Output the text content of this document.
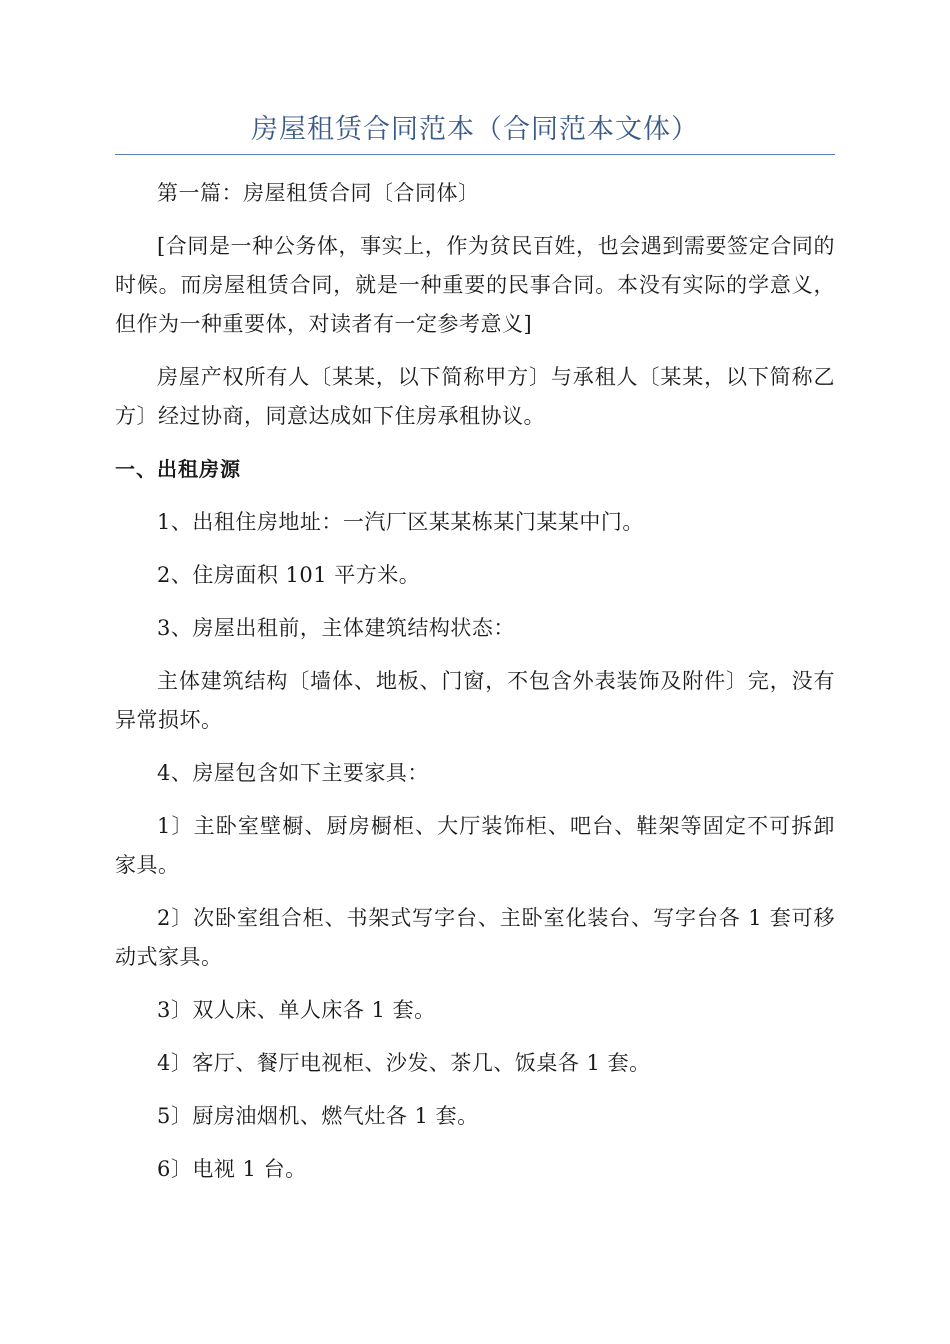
房屋租赁合同范本（合同范本文体）

第一篇：房屋租赁合同〔合同体〕

[合同是一种公务体，事实上，作为贫民百姓，也会遇到需要签定合同的时候。而房屋租赁合同，就是一种重要的民事合同。本没有实际的学意义，但作为一种重要体，对读者有一定参考意义]

房屋产权所有人〔某某，以下简称甲方〕与承租人〔某某，以下简称乙方〕经过协商，同意达成如下住房承租协议。

一、出租房源

1、出租住房地址：一汽厂区某某栋某门某某中门。

2、住房面积 101 平方米。

3、房屋出租前，主体建筑结构状态：

主体建筑结构〔墙体、地板、门窗，不包含外表装饰及附件〕完，没有异常损坏。

4、房屋包含如下主要家具：

1〕主卧室壁橱、厨房橱柜、大厅装饰柜、吧台、鞋架等固定不可拆卸家具。

2〕次卧室组合柜、书架式写字台、主卧室化装台、写字台各 1 套可移动式家具。

3〕双人床、单人床各 1 套。

4〕客厅、餐厅电视柜、沙发、茶几、饭桌各 1 套。

5〕厨房油烟机、燃气灶各 1 套。

6〕电视 1 台。
